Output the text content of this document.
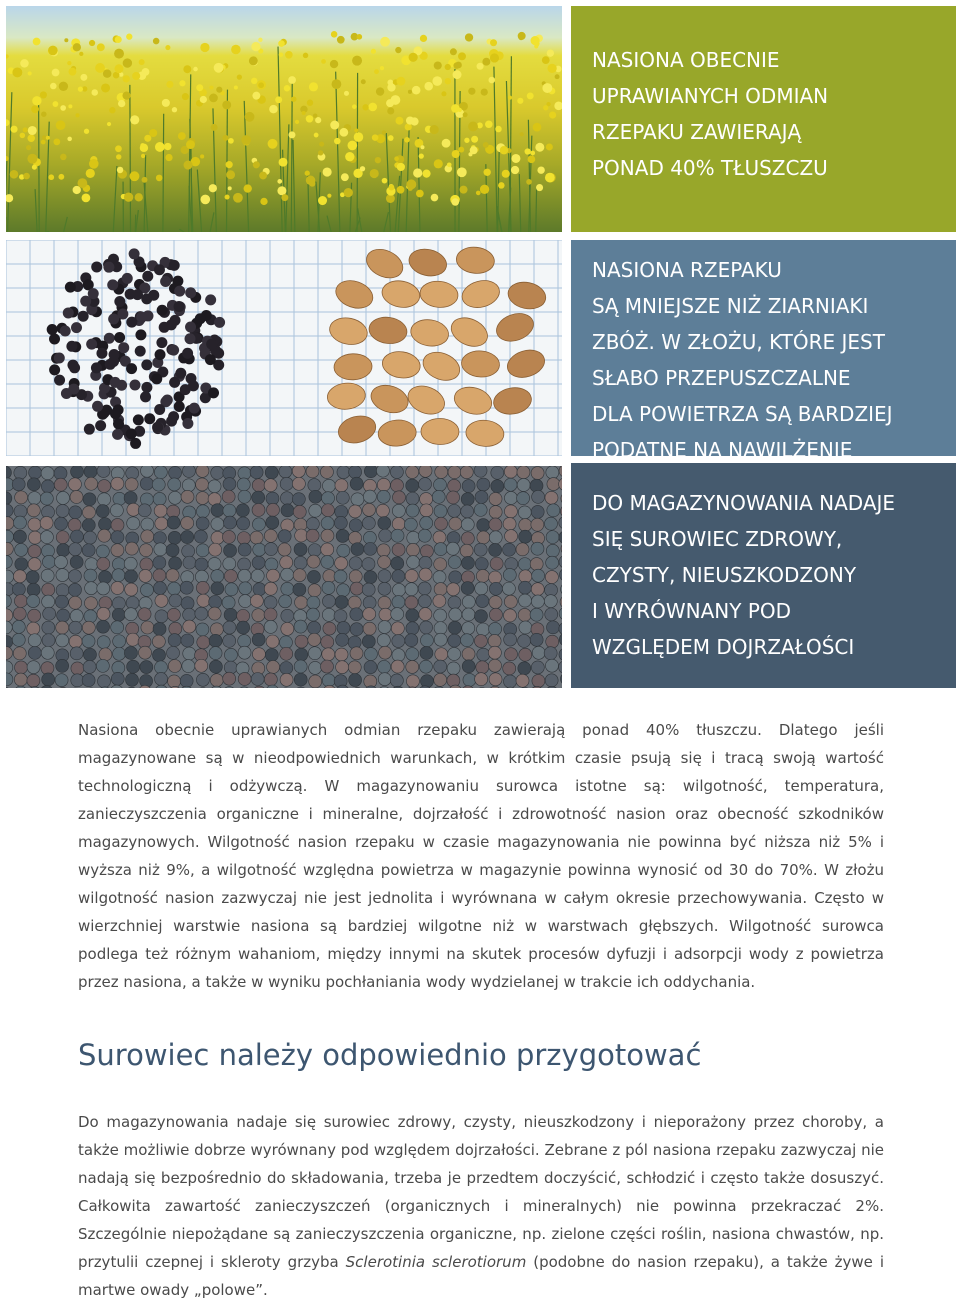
NASIONA OBECNIE
UPRAWIANYCH ODMIAN
RZEPAKU ZAWIERAJĄ
PONAD 40% TŁUSZCZU
NASIONA RZEPAKU
SĄ MNIEJSZE NIŻ ZIARNIAKI
ZBÓŻ. W ZŁOŻU, KTÓRE JEST
SŁABO PRZEPUSZCZALNE
DLA POWIETRZA SĄ BARDZIEJ
PODATNE NA NAWILŻENIE
DO MAGAZYNOWANIA NADAJE
SIĘ SUROWIEC ZDROWY,
CZYSTY, NIEUSZKODZONY
I WYRÓWNANY POD
WZGLĘDEM DOJRZAŁOŚCI

Nasiona obecnie uprawianych odmian rzepaku zawierają ponad 40% tłuszczu. Dlatego jeśli magazynowane są w nieodpowiednich warunkach, w krótkim czasie psują się i tracą swoją wartość technologiczną i odżywczą. W magazynowaniu surowca istotne są: wilgotność, temperatura, zanieczyszczenia organiczne i mineralne, dojrzałość i zdrowotność nasion oraz obecność szkodników magazynowych. Wilgotność nasion rzepaku w czasie magazynowania nie powinna być niższa niż 5% i wyższa niż 9%, a wilgotność względna powietrza w magazynie powinna wynosić od 30 do 70%. W złożu wilgotność nasion zazwyczaj nie jest jednolita i wyrównana w całym okresie przechowywania. Często w wierzchniej warstwie nasiona są bardziej wilgotne niż w warstwach głębszych. Wilgotność surowca podlega też różnym wahaniom, między innymi na skutek procesów dyfuzji i adsorpcji wody z powietrza przez nasiona, a także w wyniku pochłaniania wody wydzielanej w trakcie ich oddychania.

Surowiec należy odpowiednio przygotować

Do magazynowania nadaje się surowiec zdrowy, czysty, nieuszkodzony i nieporażony przez choroby, a także możliwie dobrze wyrównany pod względem dojrzałości. Zebrane z pól nasiona rzepaku zazwyczaj nie nadają się bezpośrednio do składowania, trzeba je przedtem doczyścić, schłodzić i często także dosuszyć. Całkowita zawartość zanieczyszczeń (organicznych i mineralnych) nie powinna przekraczać 2%. Szczególnie niepożądane są zanieczyszczenia organiczne, np. zielone części roślin, nasiona chwastów, np. przytulii czepnej i skleroty grzyba Sclerotinia sclerotiorum (podobne do nasion rzepaku), a także żywe i martwe owady „polowe”.
